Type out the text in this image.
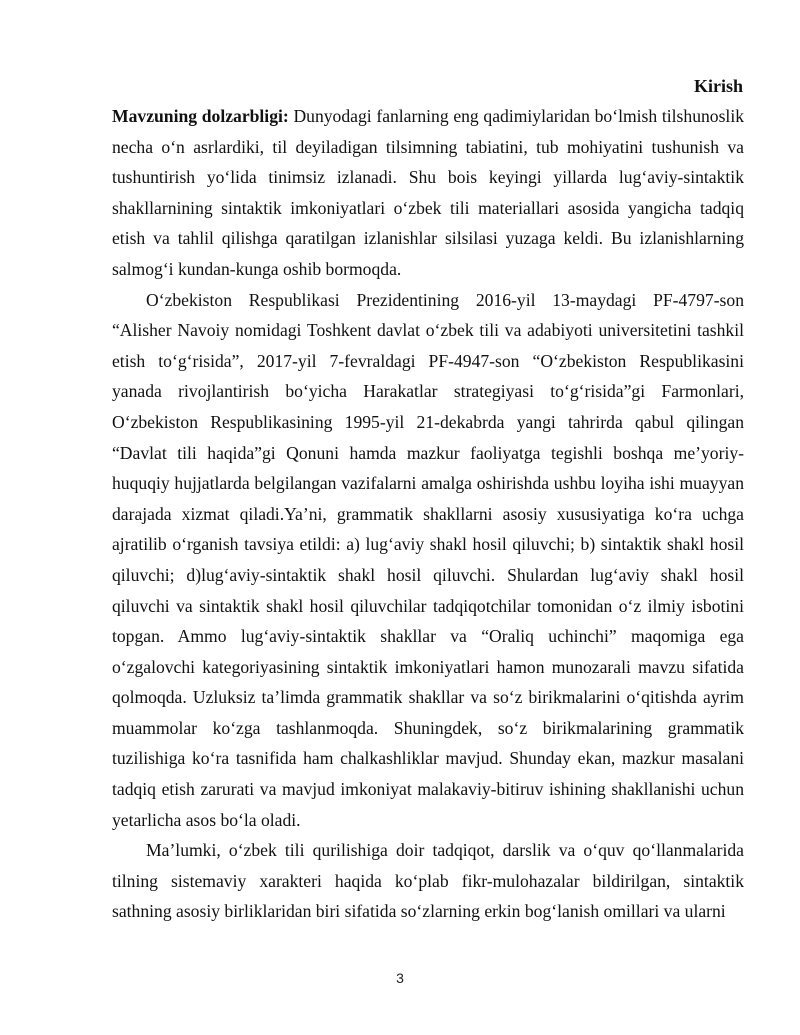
Kirish

Mavzuning dolzarbligi: Dunyodagi fanlarning eng qadimiylaridan bo‘lmish tilshunoslik necha o‘n asrlardiki, til deyiladigan tilsimning tabiatini, tub mohiyatini tushunish va tushuntirish yo‘lida tinimsiz izlanadi. Shu bois keyingi yillarda lug‘aviy-sintaktik shakllarnining sintaktik imkoniyatlari o‘zbek tili materiallari asosida yangicha tadqiq etish va tahlil qilishga qaratilgan izlanishlar silsilasi yuzaga keldi. Bu izlanishlarning salmog‘i kundan-kunga oshib bormoqda.

O‘zbekiston Respublikasi Prezidentining 2016-yil 13-maydagi PF-4797-son “Alisher Navoiy nomidagi Toshkent davlat o‘zbek tili va adabiyoti universitetini tashkil etish to‘g‘risida”, 2017-yil 7-fevraldagi PF-4947-son “O‘zbekiston Respublikasini yanada rivojlantirish bo‘yicha Harakatlar strategiyasi to‘g‘risida”gi Farmonlari, O‘zbekiston Respublikasining 1995-yil 21-dekabrda yangi tahrirda qabul qilingan “Davlat tili haqida”gi Qonuni hamda mazkur faoliyatga tegishli boshqa me’yoriy-huquqiy hujjatlarda belgilangan vazifalarni amalga oshirishda ushbu loyiha ishi muayyan darajada xizmat qiladi.Ya’ni, grammatik shakllarni asosiy xususiyatiga ko‘ra uchga ajratilib o‘rganish tavsiya etildi: a) lug‘aviy shakl hosil qiluvchi; b) sintaktik shakl hosil qiluvchi; d)lug‘aviy-sintaktik shakl hosil qiluvchi. Shulardan lug‘aviy shakl hosil qiluvchi va sintaktik shakl hosil qiluvchilar tadqiqotchilar tomonidan o‘z ilmiy isbotini topgan. Ammo lug‘aviy-sintaktik shakllar va “Oraliq uchinchi” maqomiga ega o‘zgalovchi kategoriyasining sintaktik imkoniyatlari hamon munozarali mavzu sifatida qolmoqda. Uzluksiz ta’limda grammatik shakllar va so‘z birikmalarini o‘qitishda ayrim muammolar ko‘zga tashlanmoqda. Shuningdek, so‘z birikmalarining grammatik tuzilishiga ko‘ra tasnifida ham chalkashliklar mavjud. Shunday ekan, mazkur masalani tadqiq etish zarurati va mavjud imkoniyat malakaviy-bitiruv ishining shakllanishi uchun yetarlicha asos bo‘la oladi.

Ma’lumki, o‘zbek tili qurilishiga doir tadqiqot, darslik va o‘quv qo‘llanmalarida tilning sistemaviy xarakteri haqida ko‘plab fikr-mulohazalar bildirilgan, sintaktik sathning asosiy birliklaridan biri sifatida so‘zlarning erkin bog‘lanish omillari va ularni

3
